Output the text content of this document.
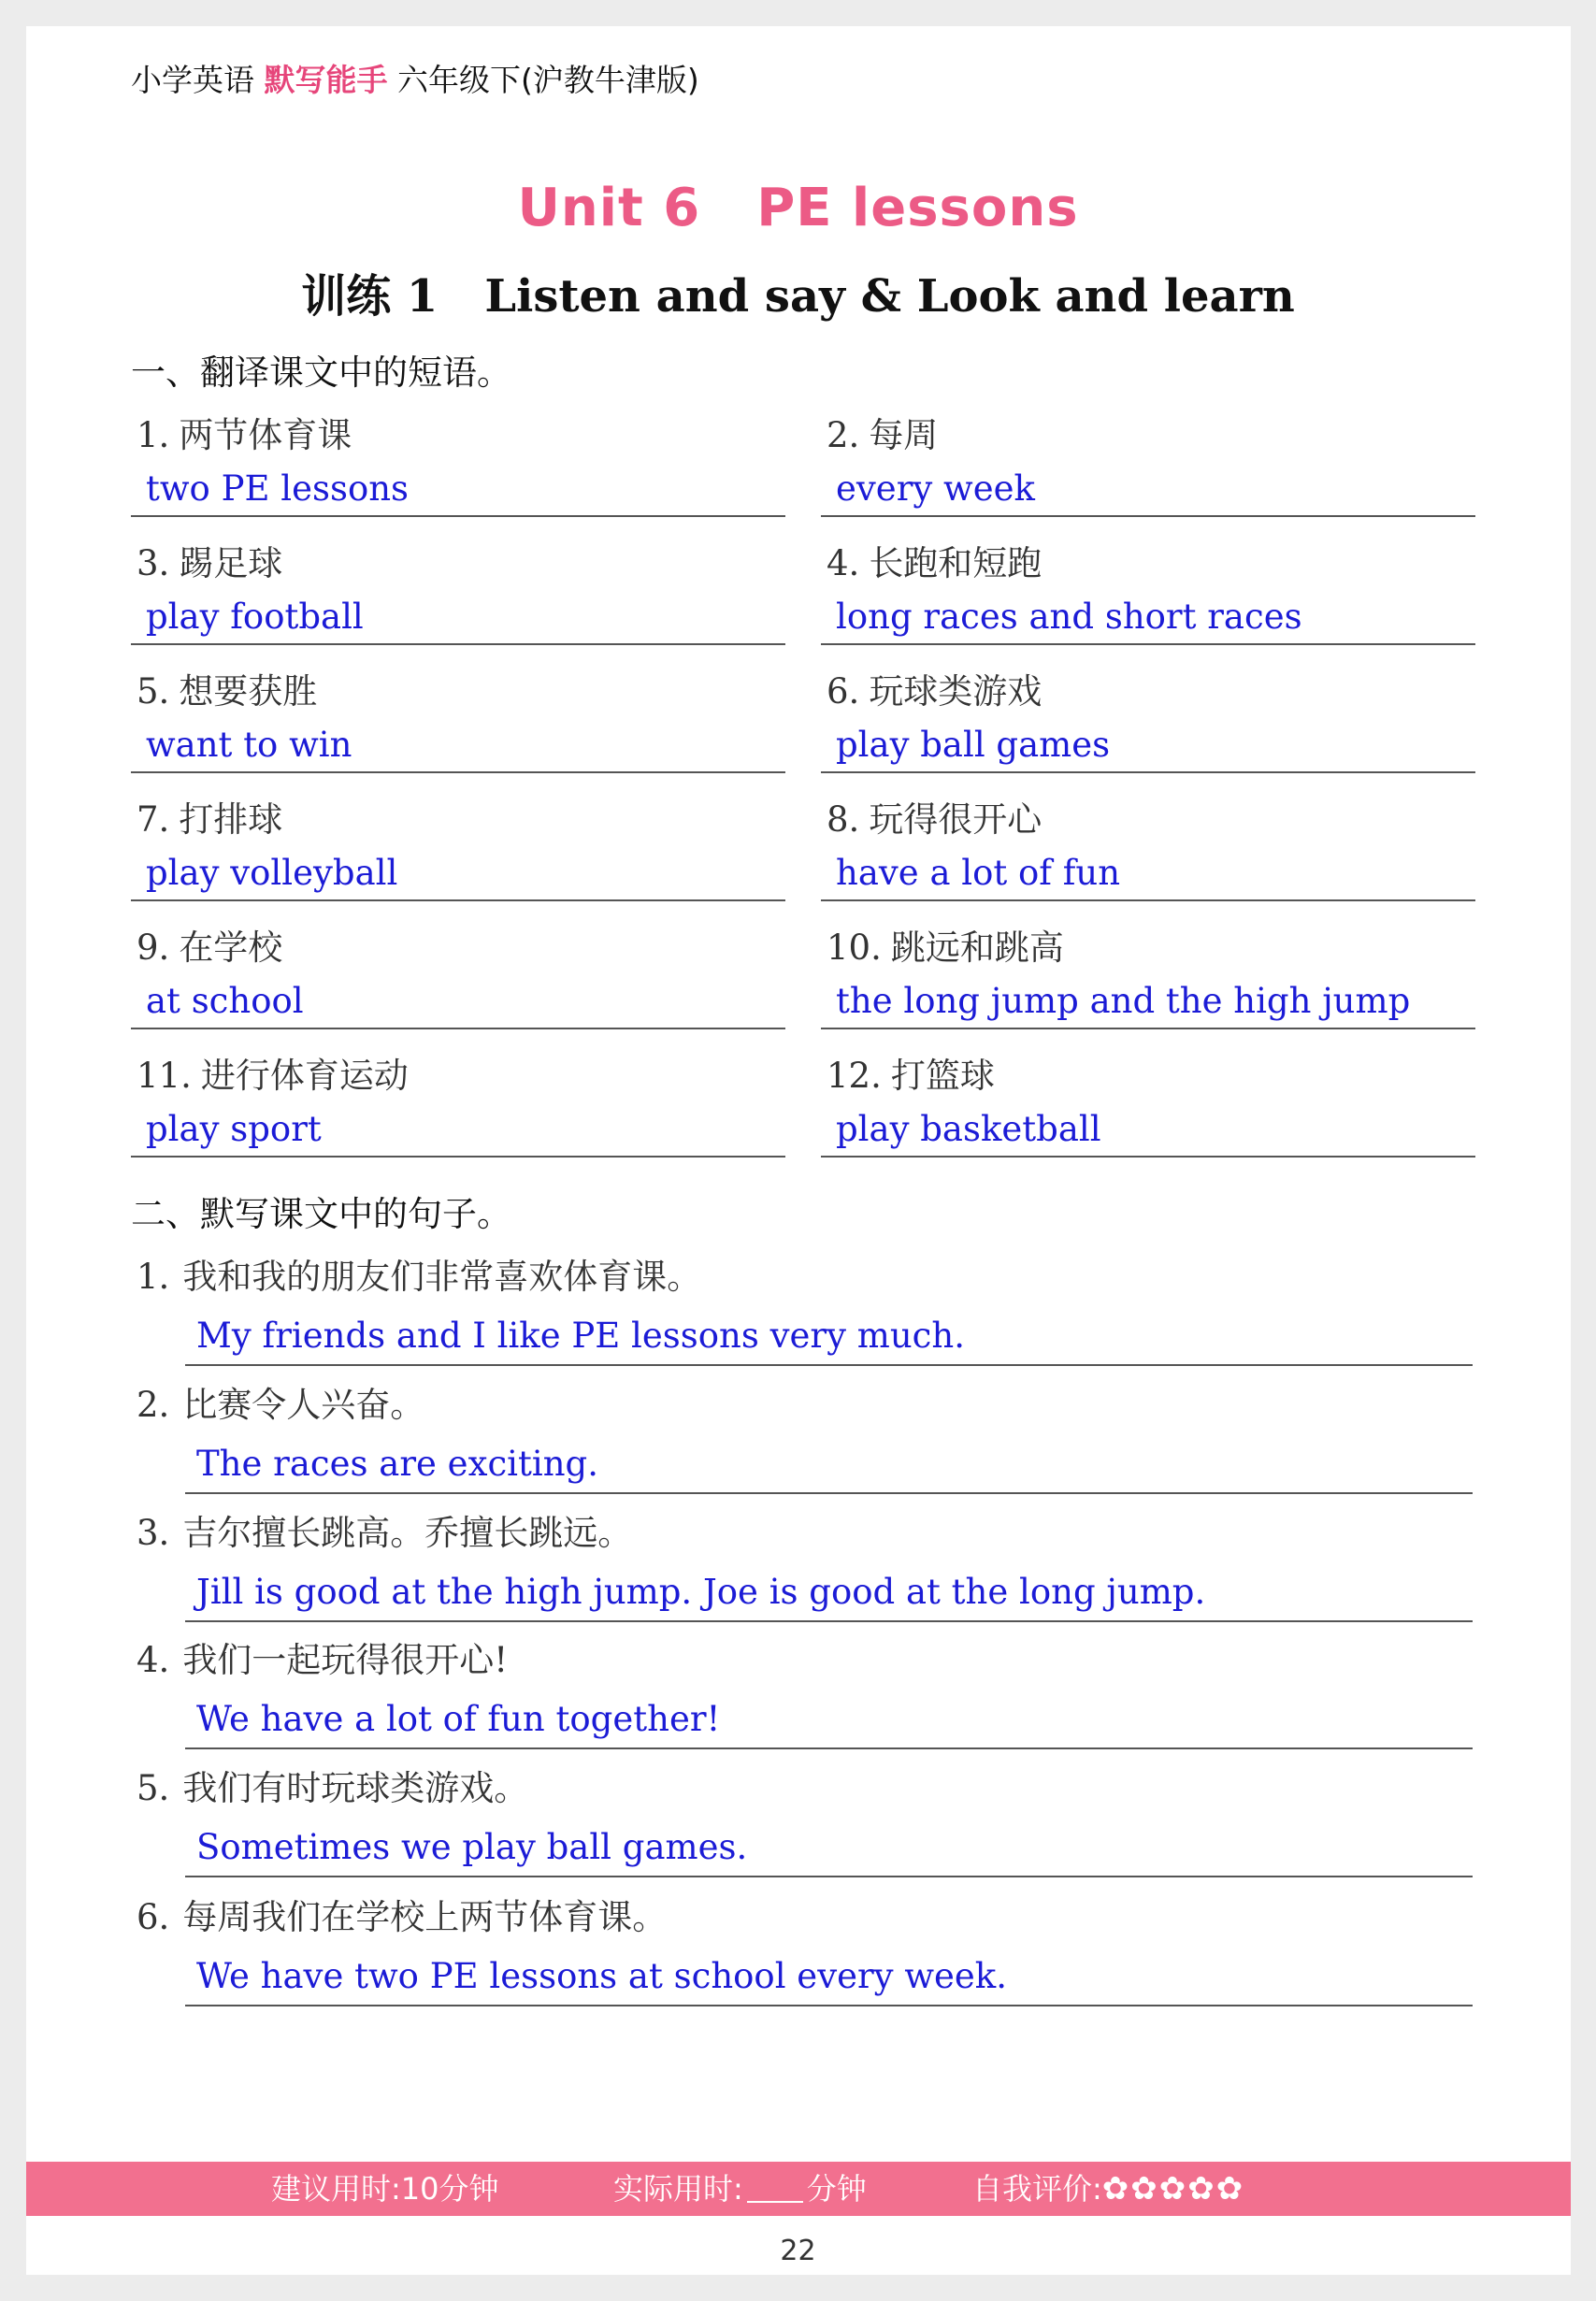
小学英语 默写能手 六年级下(沪教牛津版)
Unit 6 PE lessons
训练 1 Listen and say & Look and learn
一、翻译课文中的短语。
1. 两节体育课
two PE lessons
2. 每周
every week
3. 踢足球
play football
4. 长跑和短跑
long races and short races
5. 想要获胜
want to win
6. 玩球类游戏
play ball games
7. 打排球
play volleyball
8. 玩得很开心
have a lot of fun
9. 在学校
at school
10. 跳远和跳高
the long jump and the high jump
11. 进行体育运动
play sport
12. 打篮球
play basketball
二、默写课文中的句子。
1. 我和我的朋友们非常喜欢体育课。
My friends and I like PE lessons very much.
2. 比赛令人兴奋。
The races are exciting.
3. 吉尔擅长跳高。乔擅长跳远。
Jill is good at the high jump. Joe is good at the long jump.
4. 我们一起玩得很开心!
We have a lot of fun together!
5. 我们有时玩球类游戏。
Sometimes we play ball games.
6. 每周我们在学校上两节体育课。
We have two PE lessons at school every week.
建议用时:10分钟	实际用时: 分钟	自我评价:✿✿✿✿✿
22
